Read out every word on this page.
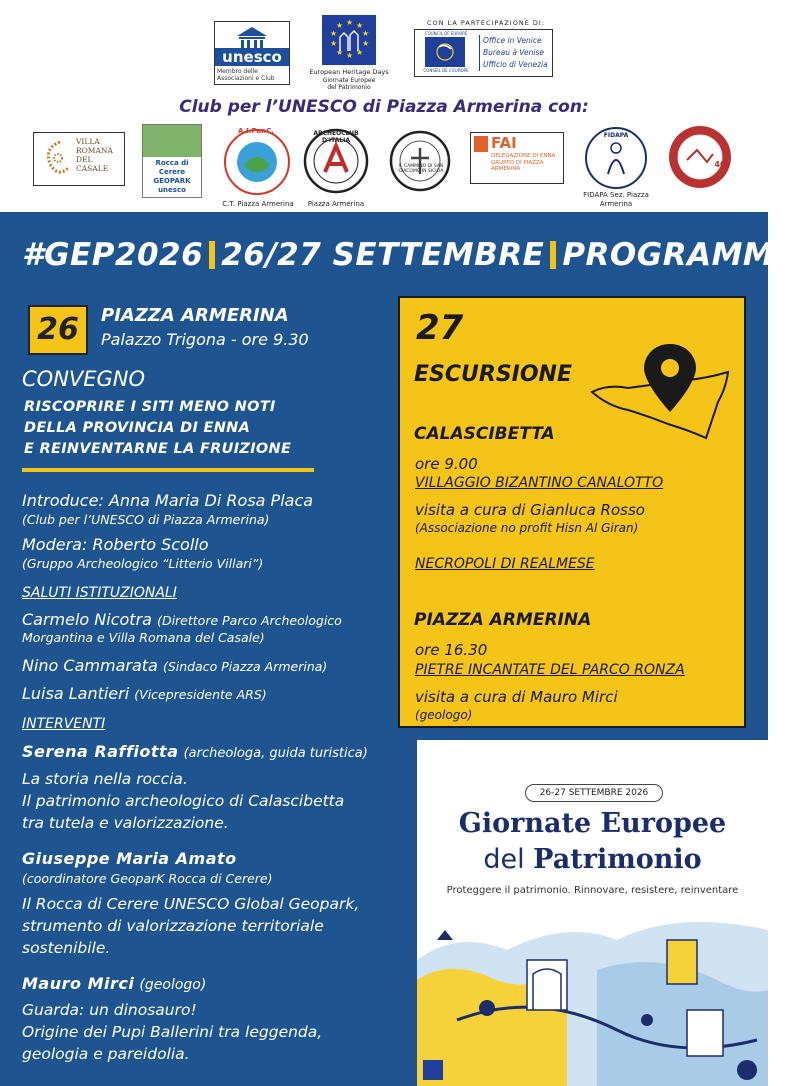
unesco
Membro delle Associazioni e Club
★ ★
★
★
★
★
★
★
★
★
European Heritage Days
Giornate Europee del Patrimonio
CON LA PARTECIPAZIONE DI:
COUNCIL OF EUROPE
CONSEIL DE L'EUROPE
Office in Venice
Bureau à Venise
Ufficio di Venezia
Club per l’UNESCO di Piazza Armerina con:
VILLA ROMANA DEL CASALE
Rocca di Cerere GEOPARK unesco
A.I.Par.C.
C.T. Piazza Armerina
ARCHEOCLUB D'ITALIA
Piazza Armerina
IL CAMMINO DI SAN GIACOMO IN SICILIA
FAI
DELEGAZIONE DI ENNA GRUPPO DI PIAZZA ARMERINA
FIDAPA
FIDAPA Sez. Piazza Armerina
40
#GEP2026 26/27 SETTEMBRE PROGRAMMA
26	PIAZZA ARMERINA
Palazzo Trigona - ore 9.30
CONVEGNO
RISCOPRIRE I SITI MENO NOTI
DELLA PROVINCIA DI ENNA
E REINVENTARNE LA FRUIZIONE
Introduce: Anna Maria Di Rosa Placa
(Club per l’UNESCO di Piazza Armerina)
Modera: Roberto Scollo
(Gruppo Archeologico “Litterio Villari”)
SALUTI ISTITUZIONALI
Carmelo Nicotra (Direttore Parco Archeologico
Morgantina e Villa Romana del Casale)
Nino Cammarata (Sindaco Piazza Armerina)
Luisa Lantieri (Vicepresidente ARS)
INTERVENTI
Serena Raffiotta (archeologa, guida turistica)
La storia nella roccia.
Il patrimonio archeologico di Calascibetta
tra tutela e valorizzazione.
Giuseppe Maria Amato
(coordinatore GeoparK Rocca di Cerere)
Il Rocca di Cerere UNESCO Global Geopark,
strumento di valorizzazione territoriale
sostenibile.
Mauro Mirci (geologo)
Guarda: un dinosauro!
Origine dei Pupi Ballerini tra leggenda,
geologia e pareidolia.
27
ESCURSIONE
CALASCIBETTA
ore 9.00
VILLAGGIO BIZANTINO CANALOTTO
visita a cura di Gianluca Rosso
(Associazione no profit Hisn Al Giran)
NECROPOLI DI REALMESE
PIAZZA ARMERINA
ore 16.30
PIETRE INCANTATE DEL PARCO RONZA
visita a cura di Mauro Mirci
(geologo)
26-27 SETTEMBRE 2026
Giornate Europee
del Patrimonio
Proteggere il patrimonio. Rinnovare, resistere, reinventare
